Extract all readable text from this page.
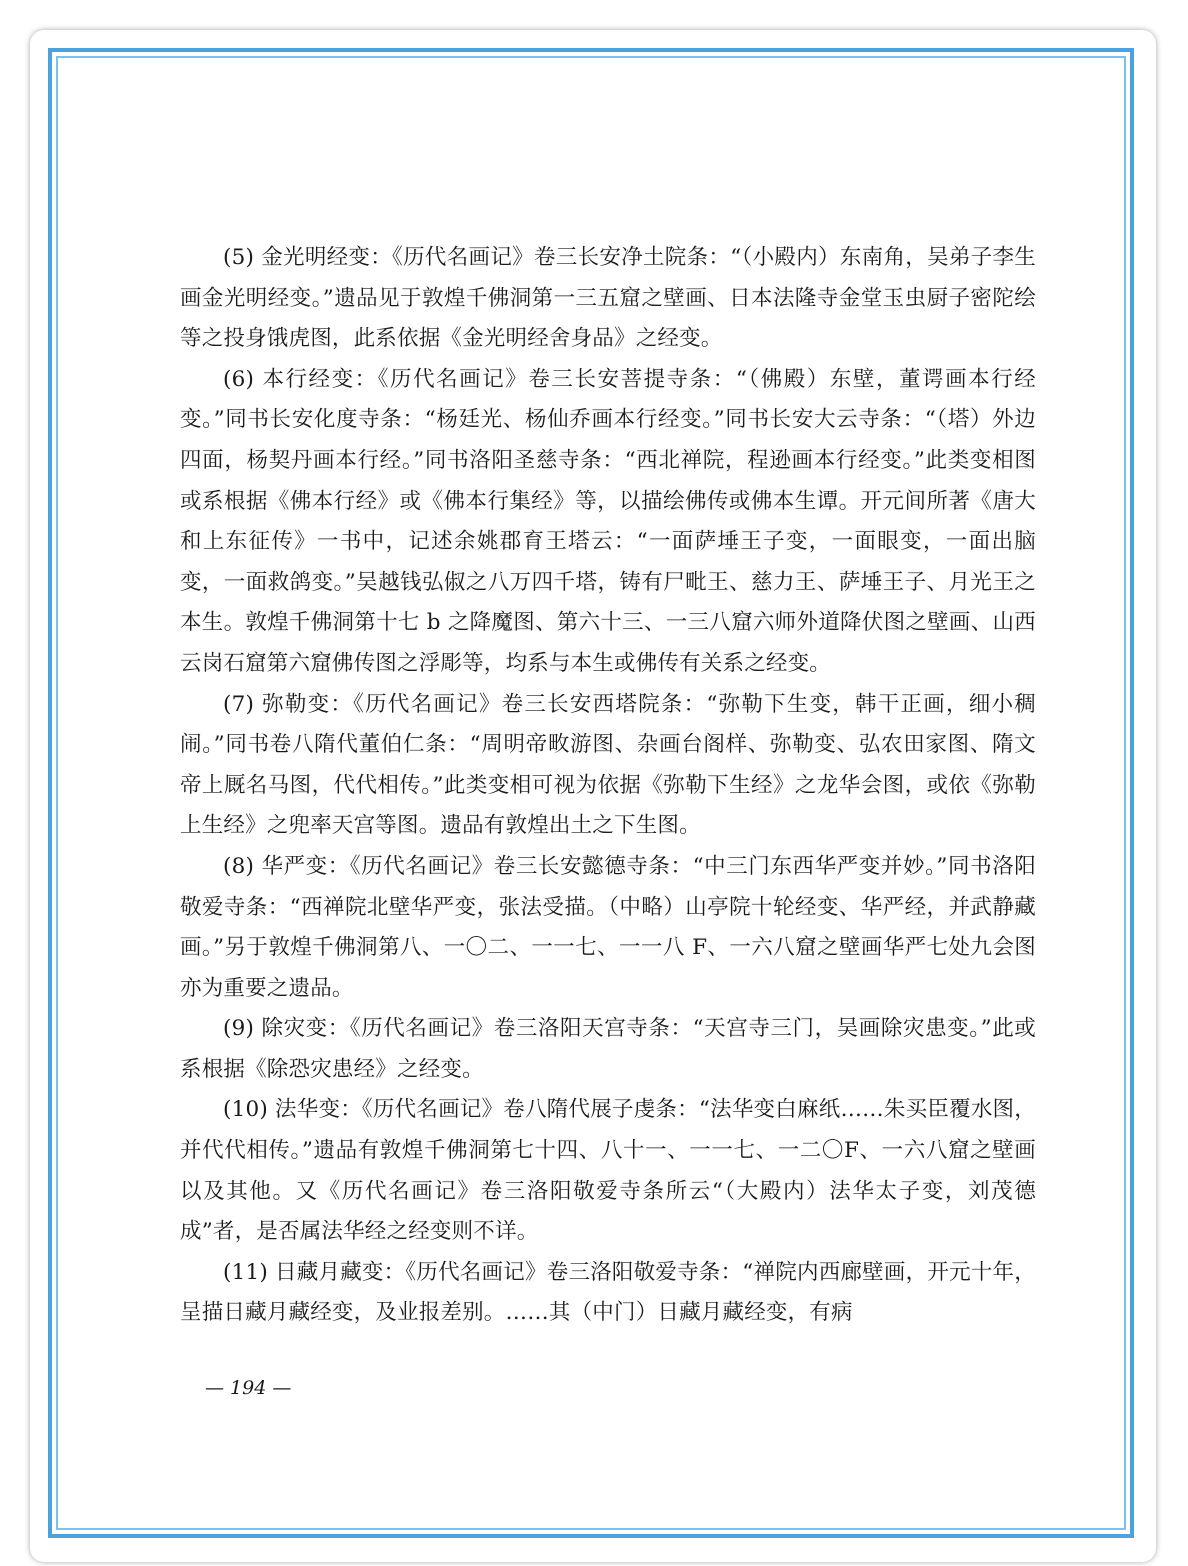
(5) 金光明经变：《历代名画记》卷三长安净土院条：“（小殿内）东南角，吴弟子李生画金光明经变。”遗品见于敦煌千佛洞第一三五窟之壁画、日本法隆寺金堂玉虫厨子密陀绘等之投身饿虎图，此系依据《金光明经舍身品》之经变。

(6) 本行经变：《历代名画记》卷三长安菩提寺条：“（佛殿）东壁，董谔画本行经变。”同书长安化度寺条：“杨廷光、杨仙乔画本行经变。”同书长安大云寺条：“（塔）外边四面，杨契丹画本行经。”同书洛阳圣慈寺条：“西北禅院，程逊画本行经变。”此类变相图或系根据《佛本行经》或《佛本行集经》等，以描绘佛传或佛本生谭。开元间所著《唐大和上东征传》一书中，记述余姚郡育王塔云：“一面萨埵王子变，一面眼变，一面出脑变，一面救鸽变。”吴越钱弘俶之八万四千塔，铸有尸毗王、慈力王、萨埵王子、月光王之本生。敦煌千佛洞第十七 b 之降魔图、第六十三、一三八窟六师外道降伏图之壁画、山西云岗石窟第六窟佛传图之浮彫等，均系与本生或佛传有关系之经变。

(7) 弥勒变：《历代名画记》卷三长安西塔院条：“弥勒下生变，韩干正画，细小稠闹。”同书卷八隋代董伯仁条：“周明帝畋游图、杂画台阁样、弥勒变、弘农田家图、隋文帝上厩名马图，代代相传。”此类变相可视为依据《弥勒下生经》之龙华会图，或依《弥勒上生经》之兜率天宫等图。遗品有敦煌出土之下生图。

(8) 华严变：《历代名画记》卷三长安懿德寺条：“中三门东西华严变并妙。”同书洛阳敬爱寺条：“西禅院北壁华严变，张法受描。（中略）山亭院十轮经变、华严经，并武静藏画。”另于敦煌千佛洞第八、一〇二、一一七、一一八 F、一六八窟之壁画华严七处九会图亦为重要之遗品。

(9) 除灾变：《历代名画记》卷三洛阳天宫寺条：“天宫寺三门，吴画除灾患变。”此或系根据《除恐灾患经》之经变。

(10) 法华变：《历代名画记》卷八隋代展子虔条：“法华变白麻纸……朱买臣覆水图，并代代相传。”遗品有敦煌千佛洞第七十四、八十一、一一七、一二〇F、一六八窟之壁画以及其他。又《历代名画记》卷三洛阳敬爱寺条所云“（大殿内）法华太子变，刘茂德成”者，是否属法华经之经变则不详。

(11) 日藏月藏变：《历代名画记》卷三洛阳敬爱寺条：“禅院内西廊壁画，开元十年，呈描日藏月藏经变，及业报差别。……其（中门）日藏月藏经变，有病

— 194 —
